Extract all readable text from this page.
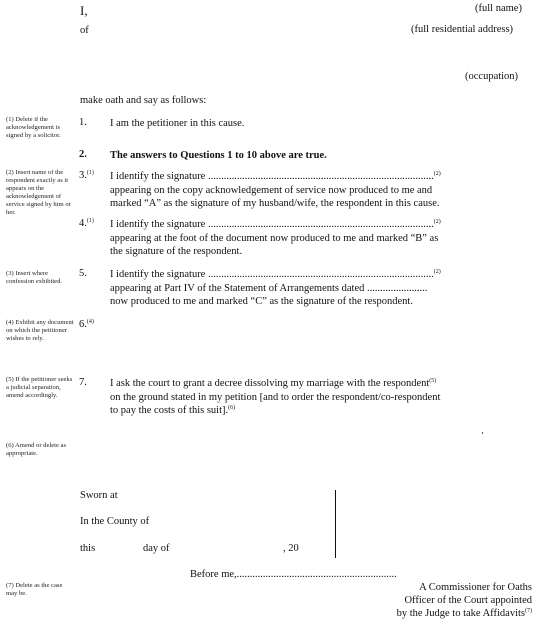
I,	(full name)
of	(full residential address)
(occupation)
make oath and say as follows:
(1) Delete if the acknowledgement is signed by a solicitor.
(2) Insert name of the respondent exactly as it appears on the acknowledgement of service signed by him or her.
(3) Insert where confession exhibited.
(4) Exhibit any document on which the petitioner wishes to rely.
(5) If the petitioner seeks a judicial separation, amend accordingly.
(6) Amend or delete as appropriate.
(7) Delete as the case may be.
1. I am the petitioner in this cause.
2. The answers to Questions 1 to 10 above are true.
3.$^{(1)}$ I identify the signature ......................................................................................$^{(2)}$
appearing on the copy acknowledgement of service now produced to me and
marked “A” as the signature of my husband/wife, the respondent in this cause.
4.$^{(1)}$ I identify the signature ......................................................................................$^{(2)}$
appearing at the foot of the document now produced to me and marked “B” as
the signature of the respondent.
5. I identify the signature ......................................................................................$^{(2)}$
appearing at Part IV of the Statement of Arrangements dated .......................
now produced to me and marked “C” as the signature of the respondent.
6.$^{(4)}$
7. I ask the court to grant a decree dissolving my marriage with the respondent$^{(5)}$
on the ground stated in my petition [and to order the respondent/co-respondent
to pay the costs of this suit].$^{(6)}$
Sworn at
In the County of
this	day of	, 20
Before me,.............................................................
A Commissioner for Oaths
Officer of the Court appointed
by the Judge to take Affidavits$^{(7)}$
